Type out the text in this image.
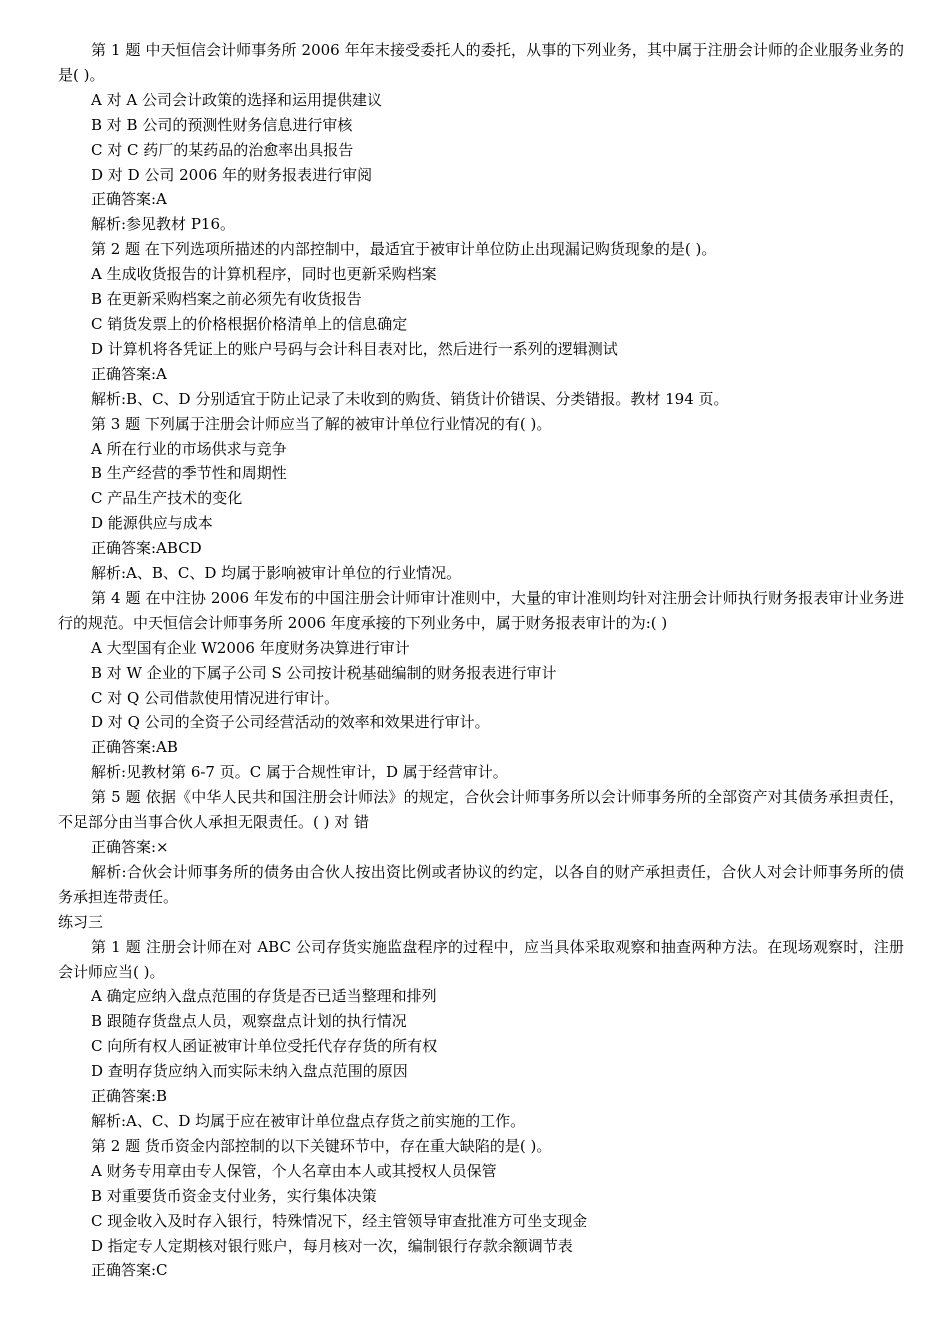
第 1 题 中天恒信会计师事务所 2006 年年末接受委托人的委托，从事的下列业务，其中属于注册会计师的企业服务业务的是( )。

A 对 A 公司会计政策的选择和运用提供建议

B 对 B 公司的预测性财务信息进行审核

C 对 C 药厂的某药品的治愈率出具报告

D 对 D 公司 2006 年的财务报表进行审阅

正确答案:A

解析:参见教材 P16。

第 2 题 在下列选项所描述的内部控制中，最适宜于被审计单位防止出现漏记购货现象的是( )。

A 生成收货报告的计算机程序，同时也更新采购档案

B 在更新采购档案之前必须先有收货报告

C 销货发票上的价格根据价格清单上的信息确定

D 计算机将各凭证上的账户号码与会计科目表对比，然后进行一系列的逻辑测试

正确答案:A

解析:B、C、D 分别适宜于防止记录了未收到的购货、销货计价错误、分类错报。教材 194 页。

第 3 题 下列属于注册会计师应当了解的被审计单位行业情况的有( )。

A 所在行业的市场供求与竞争

B 生产经营的季节性和周期性

C 产品生产技术的变化

D 能源供应与成本

正确答案:ABCD

解析:A、B、C、D 均属于影响被审计单位的行业情况。

第 4 题 在中注协 2006 年发布的中国注册会计师审计准则中，大量的审计准则均针对注册会计师执行财务报表审计业务进行的规范。中天恒信会计师事务所 2006 年度承接的下列业务中，属于财务报表审计的为:( )

A 大型国有企业 W2006 年度财务决算进行审计

B 对 W 企业的下属子公司 S 公司按计税基础编制的财务报表进行审计

C 对 Q 公司借款使用情况进行审计。

D 对 Q 公司的全资子公司经营活动的效率和效果进行审计。

正确答案:AB

解析:见教材第 6-7 页。C 属于合规性审计，D 属于经营审计。

第 5 题 依据《中华人民共和国注册会计师法》的规定，合伙会计师事务所以会计师事务所的全部资产对其债务承担责任，不足部分由当事合伙人承担无限责任。( ) 对 错

正确答案:×

解析:合伙会计师事务所的债务由合伙人按出资比例或者协议的约定，以各自的财产承担责任，合伙人对会计师事务所的债务承担连带责任。

练习三

第 1 题 注册会计师在对 ABC 公司存货实施监盘程序的过程中，应当具体采取观察和抽查两种方法。在现场观察时，注册会计师应当( )。

A 确定应纳入盘点范围的存货是否已适当整理和排列

B 跟随存货盘点人员，观察盘点计划的执行情况

C 向所有权人函证被审计单位受托代存存货的所有权

D 查明存货应纳入而实际未纳入盘点范围的原因

正确答案:B

解析:A、C、D 均属于应在被审计单位盘点存货之前实施的工作。

第 2 题 货币资金内部控制的以下关键环节中，存在重大缺陷的是( )。

A 财务专用章由专人保管，个人名章由本人或其授权人员保管

B 对重要货币资金支付业务，实行集体决策

C 现金收入及时存入银行，特殊情况下，经主管领导审查批准方可坐支现金

D 指定专人定期核对银行账户，每月核对一次，编制银行存款余额调节表

正确答案:C
